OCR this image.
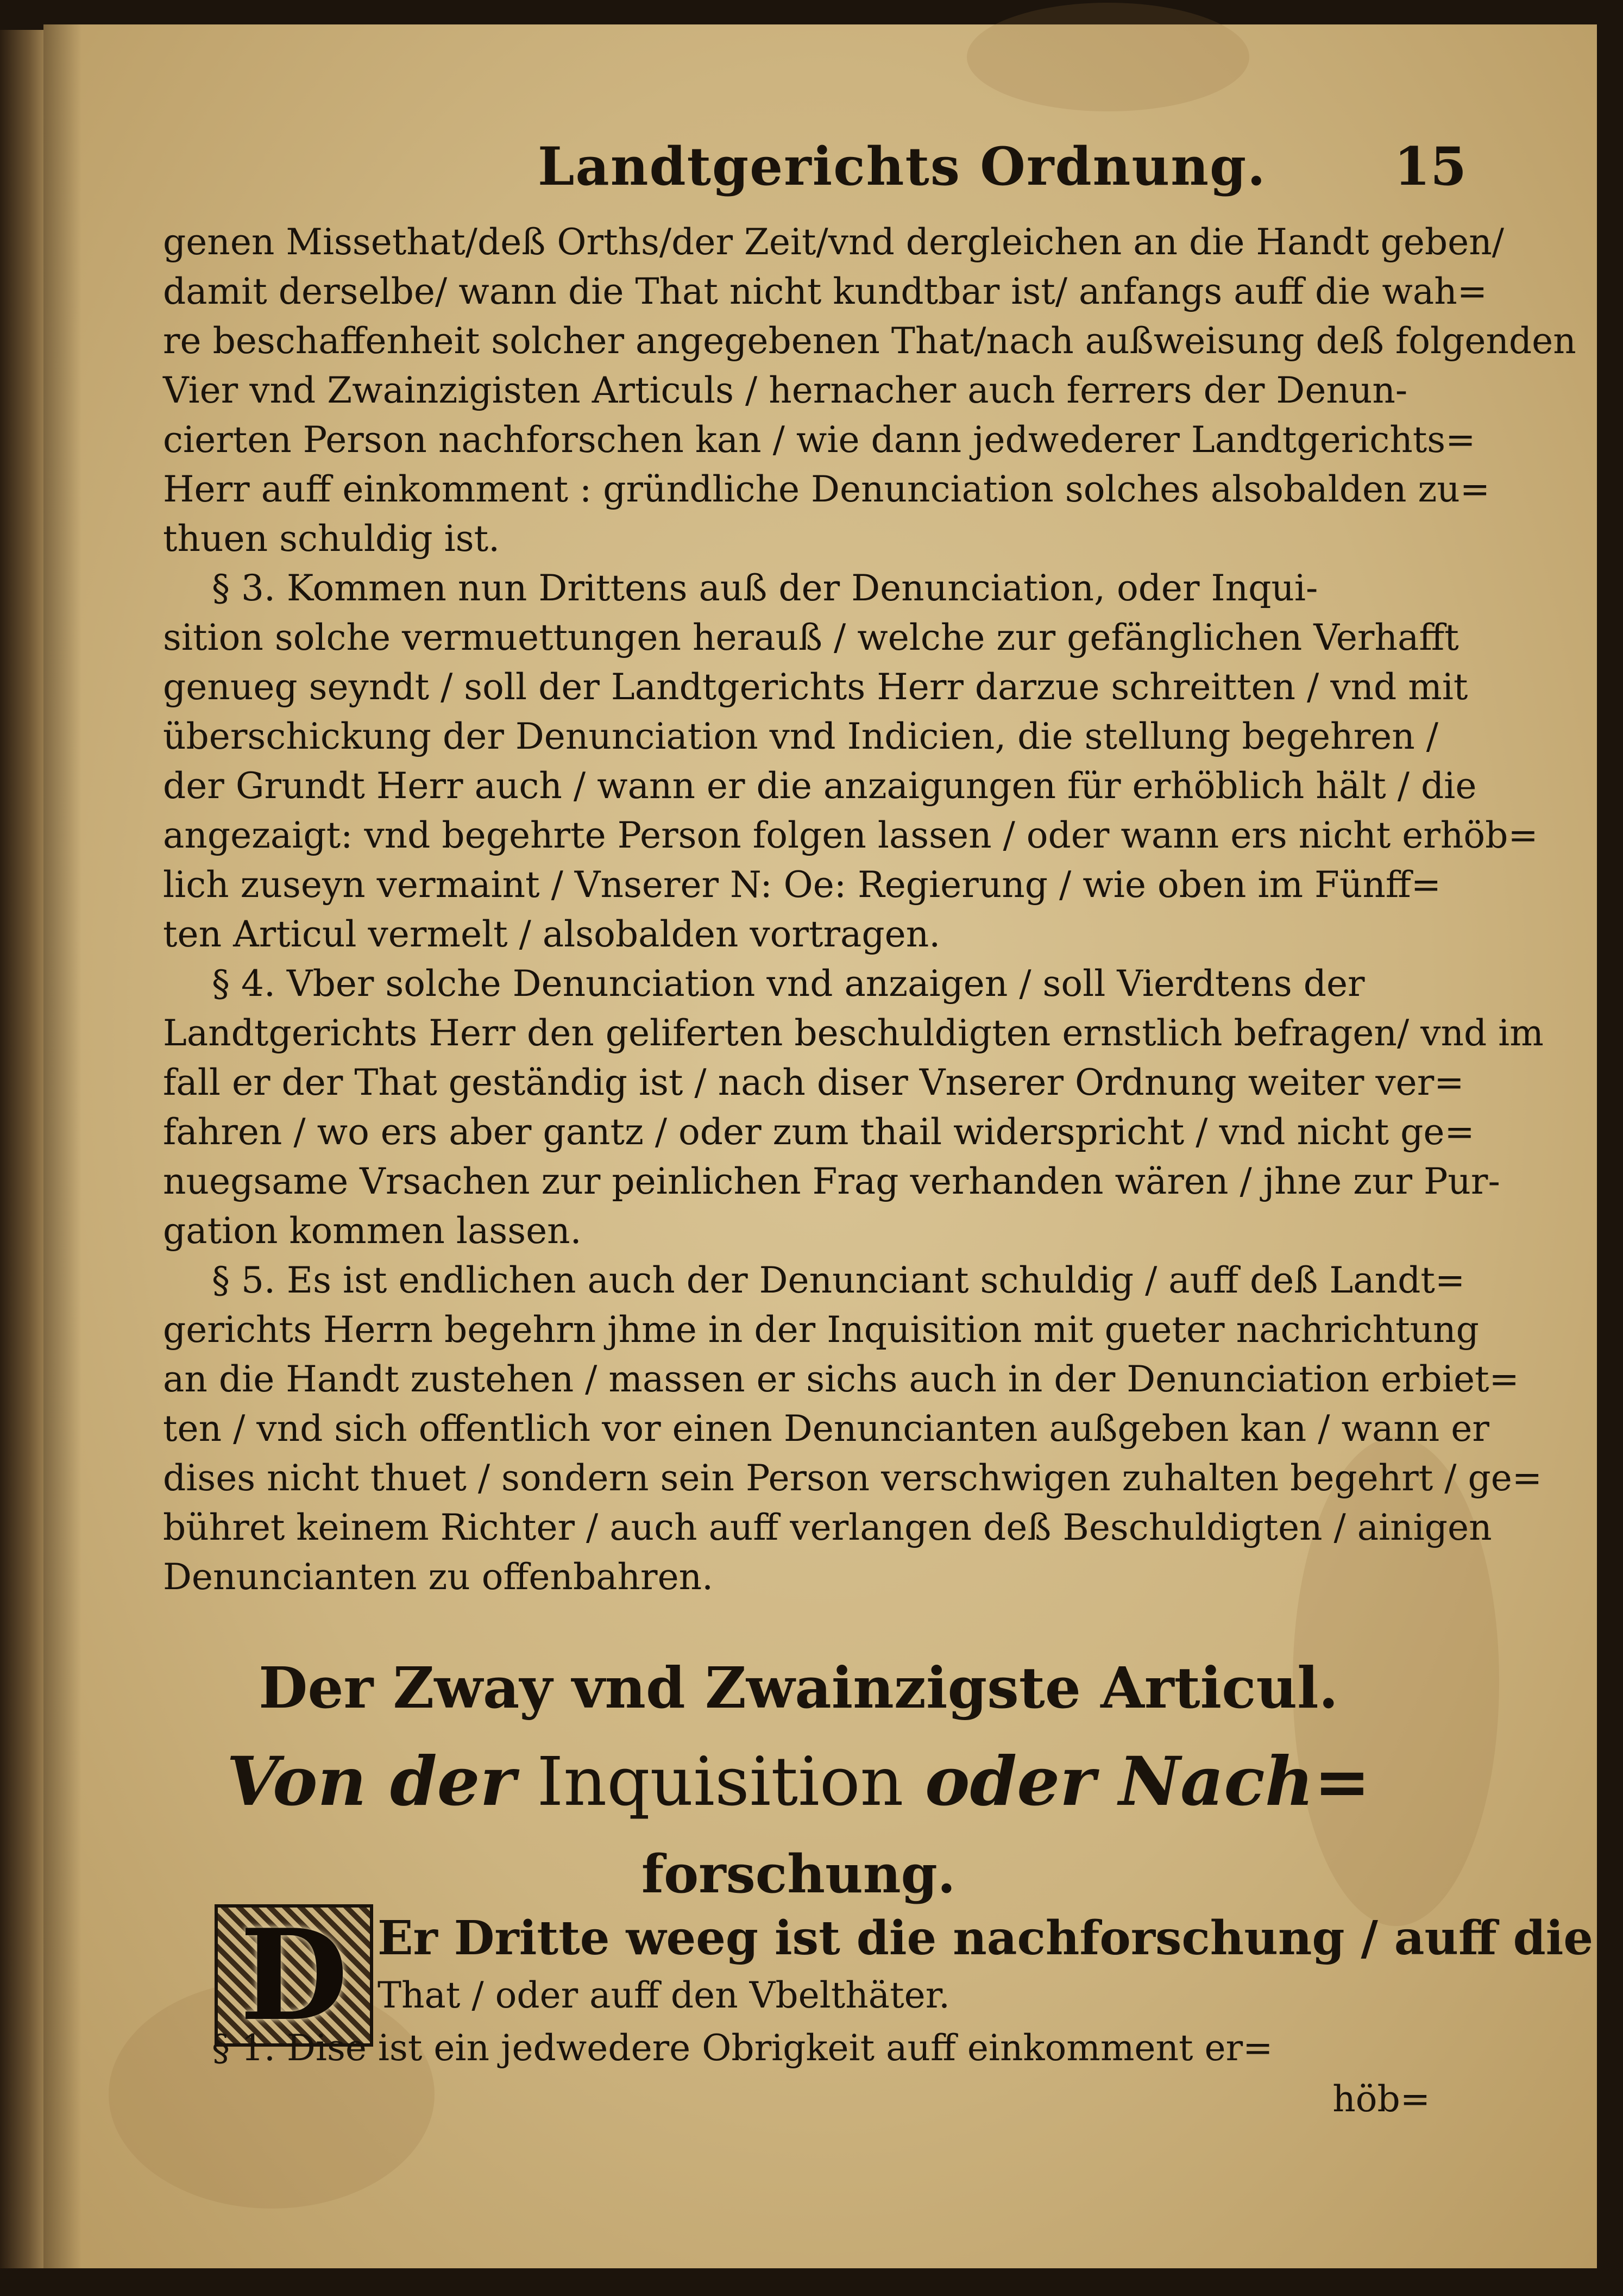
Landtgerichts Ordnung. 15
genen Missethat/deß Orths/der Zeit/vnd dergleichen an die Handt geben/
damit derselbe/ wann die That nicht kundtbar ist/ anfangs auff die wah=
re beschaffenheit solcher angegebenen That/nach außweisung deß folgenden
Vier vnd Zwainzigisten Articuls / hernacher auch ferrers der Denun-
cierten Person nachforschen kan / wie dann jedwederer Landtgerichts=
Herr auff einkomment : gründliche Denunciation solches alsobalden zu=
thuen schuldig ist.
§ 3. Kommen nun Drittens auß der Denunciation, oder Inqui-
sition solche vermuettungen herauß / welche zur gefänglichen Verhafft
genueg seyndt / soll der Landtgerichts Herr darzue schreitten / vnd mit
überschickung der Denunciation vnd Indicien, die stellung begehren /
der Grundt Herr auch / wann er die anzaigungen für erhöblich hält / die
angezaigt: vnd begehrte Person folgen lassen / oder wann ers nicht erhöb=
lich zuseyn vermaint / Vnserer N: Oe: Regierung / wie oben im Fünff=
ten Articul vermelt / alsobalden vortragen.
§ 4. Vber solche Denunciation vnd anzaigen / soll Vierdtens der
Landtgerichts Herr den geliferten beschuldigten ernstlich befragen/ vnd im
fall er der That geständig ist / nach diser Vnserer Ordnung weiter ver=
fahren / wo ers aber gantz / oder zum thail widerspricht / vnd nicht ge=
nuegsame Vrsachen zur peinlichen Frag verhanden wären / jhne zur Pur-
gation kommen lassen.
§ 5. Es ist endlichen auch der Denunciant schuldig / auff deß Landt=
gerichts Herrn begehrn jhme in der Inquisition mit gueter nachrichtung
an die Handt zustehen / massen er sichs auch in der Denunciation erbiet=
ten / vnd sich offentlich vor einen Denuncianten außgeben kan / wann er
dises nicht thuet / sondern sein Person verschwigen zuhalten begehrt / ge=
bühret keinem Richter / auch auff verlangen deß Beschuldigten / ainigen
Denuncianten zu offenbahren.
Der Zway vnd Zwainzigste Articul.
Von der Inquisition oder Nach=
forschung.
D Er Dritte weeg ist die nachforschung / auff die
That / oder auff den Vbelthäter.
§ 1. Dise ist ein jedwedere Obrigkeit auff einkomment er=
höb=
